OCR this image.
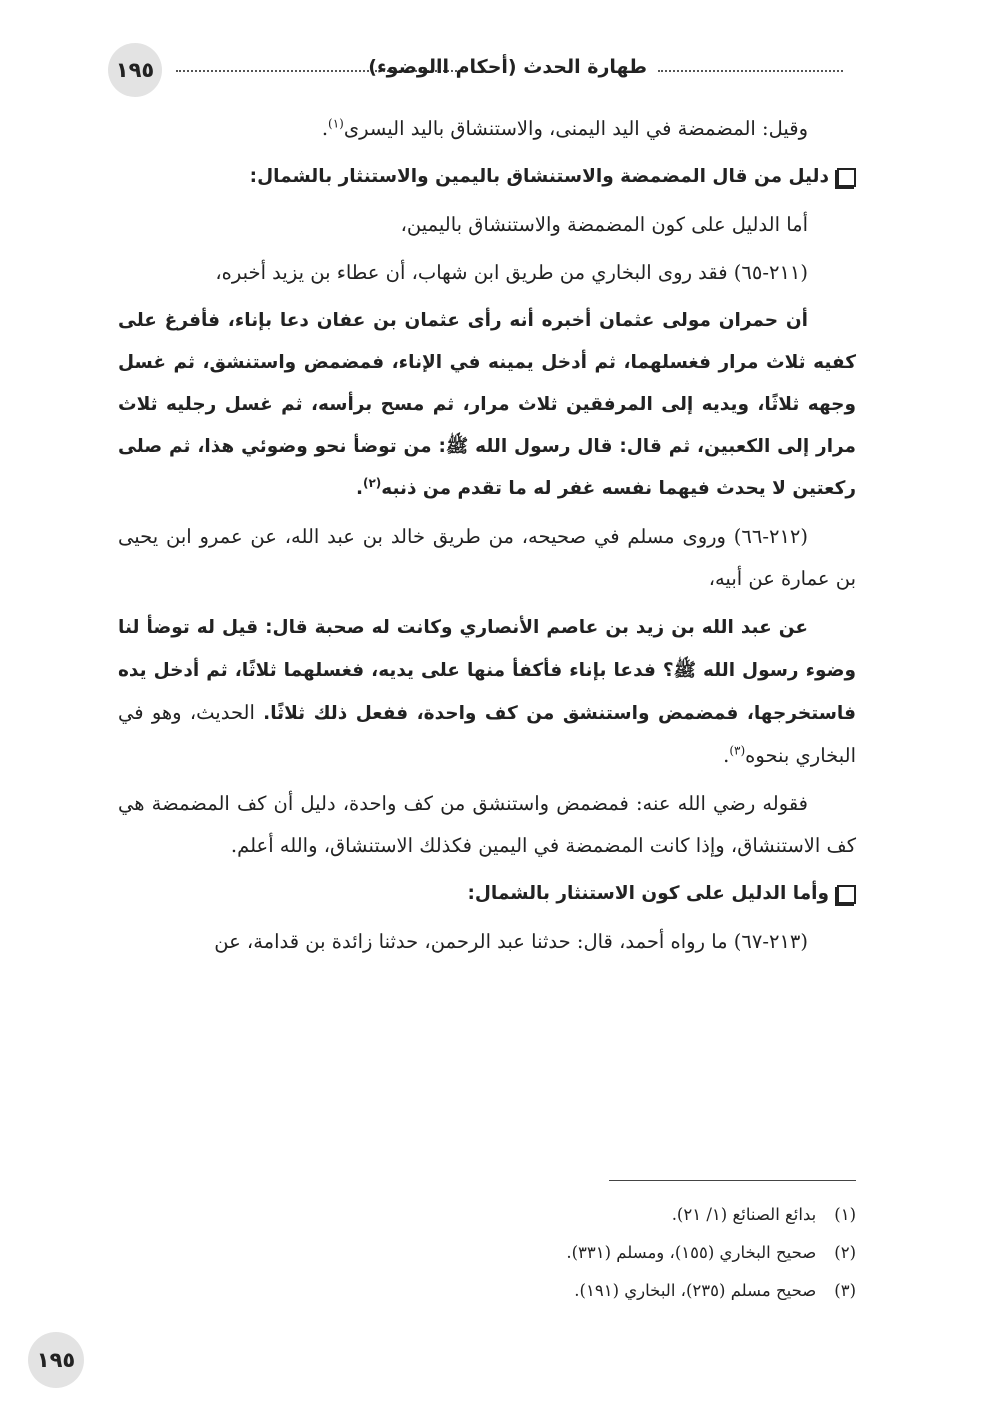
١٩٥	طهارة الحدث (أحكام االوضوء)

وقيل: المضمضة في اليد اليمنى، والاستنشاق باليد اليسرى$^{(١)}$.

دليل من قال المضمضة والاستنشاق باليمين والاستنثار بالشمال:

أما الدليل على كون المضمضة والاستنشاق باليمين،

(٢١١-٦٥) فقد روى البخاري من طريق ابن شهاب، أن عطاء بن يزيد أخبره،

أن حمران مولى عثمان أخبره أنه رأى عثمان بن عفان دعا بإناء، فأفرغ على كفيه ثلاث مرار فغسلهما، ثم أدخل يمينه في الإناء، فمضمض واستنشق، ثم غسل وجهه ثلاثًا، ويديه إلى المرفقين ثلاث مرار، ثم مسح برأسه، ثم غسل رجليه ثلاث مرار إلى الكعبين، ثم قال: قال رسول الله ﷺ: من توضأ نحو وضوئي هذا، ثم صلى ركعتين لا يحدث فيهما نفسه غفر له ما تقدم من ذنبه$^{(٢)}$.

(٢١٢-٦٦) وروى مسلم في صحيحه، من طريق خالد بن عبد الله، عن عمرو ابن يحيى بن عمارة عن أبيه،

عن عبد الله بن زيد بن عاصم الأنصاري وكانت له صحبة قال: قيل له توضأ لنا وضوء رسول الله ﷺ؟ فدعا بإناء فأكفأ منها على يديه، فغسلهما ثلاثًا، ثم أدخل يده فاستخرجها، فمضمض واستنشق من كف واحدة، ففعل ذلك ثلاثًا. الحديث، وهو في البخاري بنحوه$^{(٣)}$.

فقوله رضي الله عنه: فمضمض واستنشق من كف واحدة، دليل أن كف المضمضة هي كف الاستنشاق، وإذا كانت المضمضة في اليمين فكذلك الاستنشاق، والله أعلم.

وأما الدليل على كون الاستنثار بالشمال:

(٢١٣-٦٧) ما رواه أحمد، قال: حدثنا عبد الرحمن، حدثنا زائدة بن قدامة، عن

(١)
بدائع الصنائع (١/ ٢١).
(٢)
صحيح البخاري (١٥٥)، ومسلم (٣٣١).
(٣)
صحيح مسلم (٢٣٥)، البخاري (١٩١).
١٩٥
